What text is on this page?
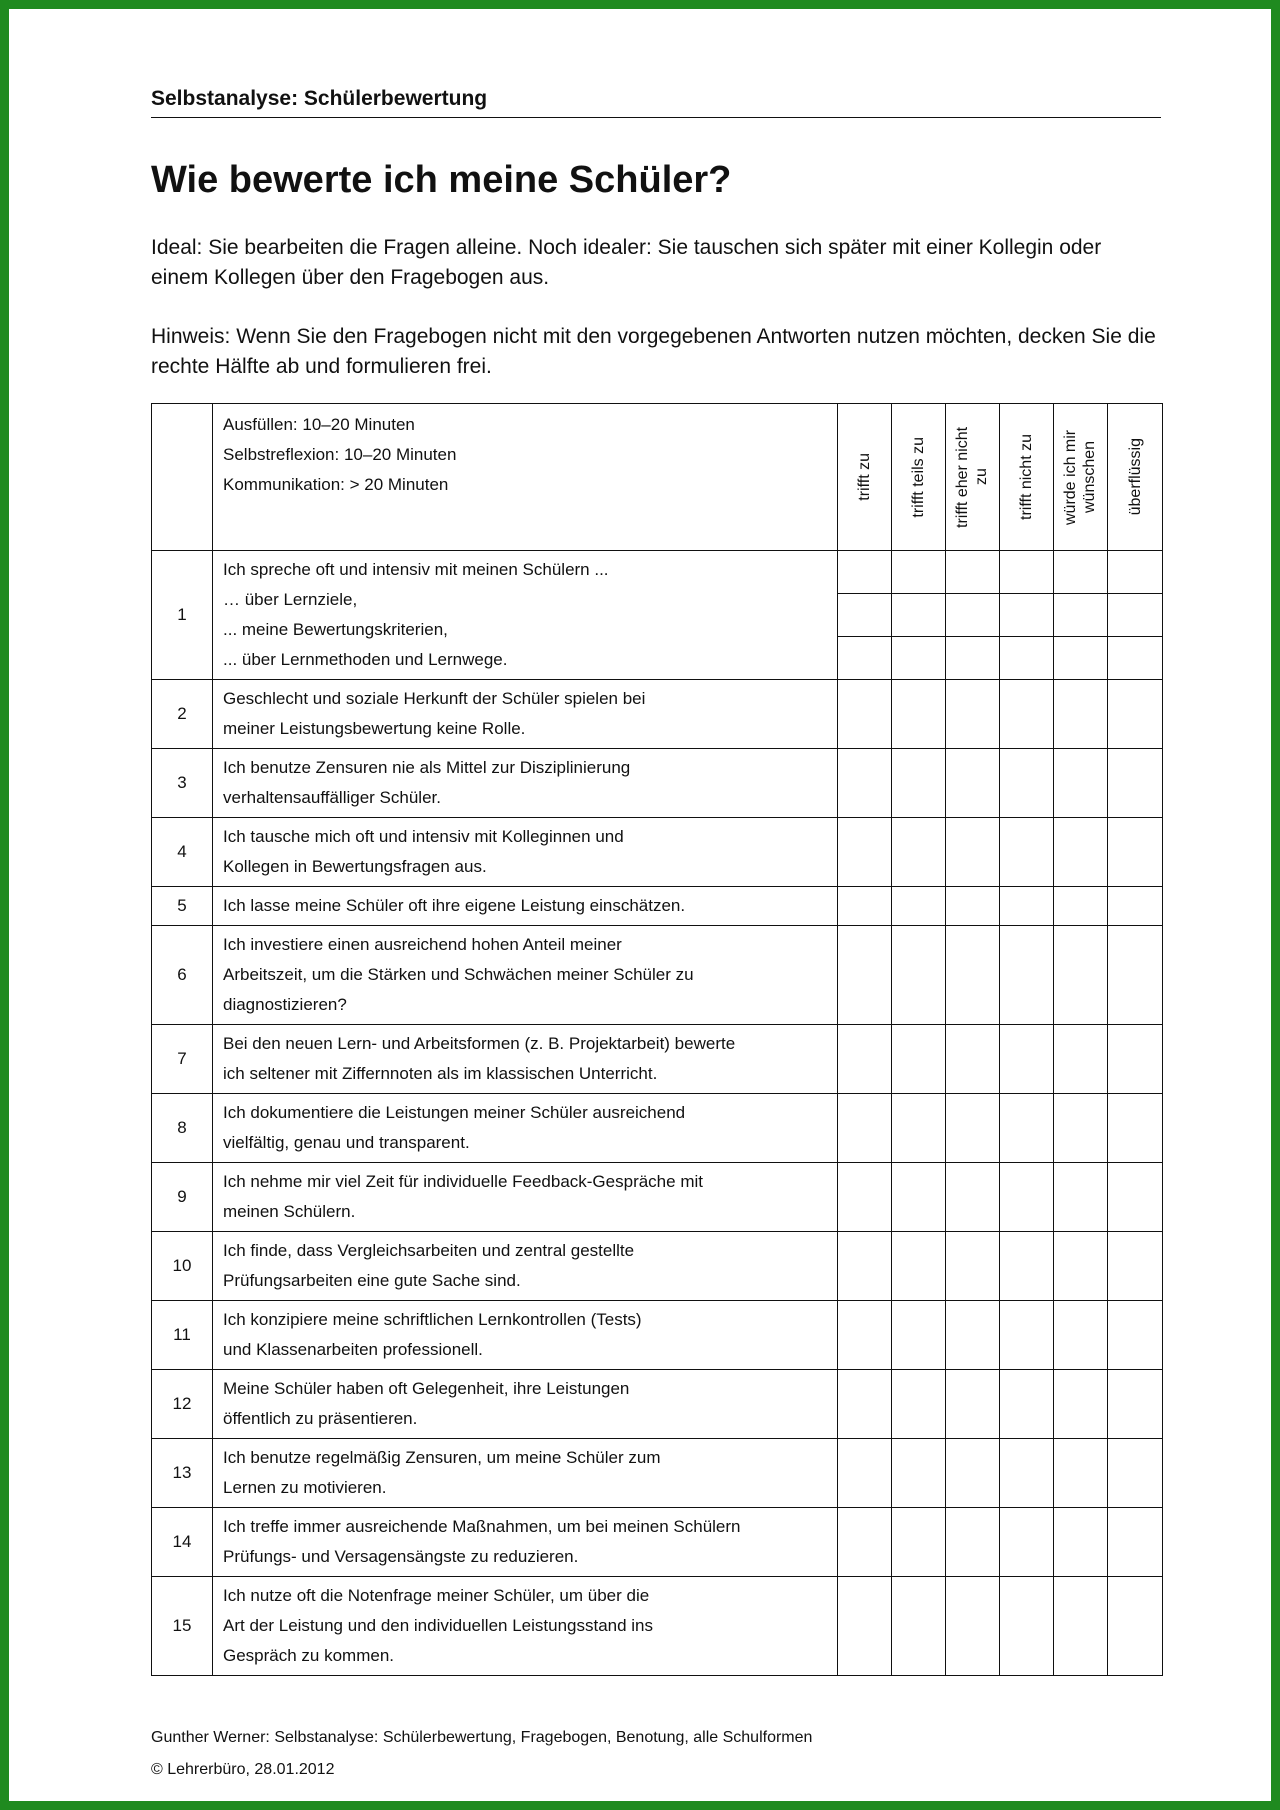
Selbstanalyse: Schülerbewertung
Wie bewerte ich meine Schüler?

Ideal: Sie bearbeiten die Fragen alleine. Noch idealer: Sie tauschen sich später mit einer Kollegin oder einem Kollegen über den Fragebogen aus.

Hinweis: Wenn Sie den Fragebogen nicht mit den vorgegebenen Antworten nutzen möchten, decken Sie die rechte Hälfte ab und formulieren frei.

	Ausfüllen: 10–20 Minuten
Selbstreflexion: 10–20 Minuten
Kommunikation: > 20 Minuten	trifft zu	trifft teils zu	trifft eher nicht zu	trifft nicht zu	würde ich mir wünschen	überflüssig

1	Ich spreche oft und intensiv mit meinen Schülern ...
… über Lernziele,
... meine Bewertungskriterien,
... über Lernmethoden und Lernwege.						

2	Geschlecht und soziale Herkunft der Schüler spielen bei
meiner Leistungsbewertung keine Rolle.						

3	Ich benutze Zensuren nie als Mittel zur Disziplinierung
verhaltensauffälliger Schüler.						

4	Ich tausche mich oft und intensiv mit Kolleginnen und
Kollegen in Bewertungsfragen aus.						

5	Ich lasse meine Schüler oft ihre eigene Leistung einschätzen.						

6	Ich investiere einen ausreichend hohen Anteil meiner
Arbeitszeit, um die Stärken und Schwächen meiner Schüler zu
diagnostizieren?						

7	Bei den neuen Lern- und Arbeitsformen (z. B. Projektarbeit) bewerte
ich seltener mit Ziffernnoten als im klassischen Unterricht.						

8	Ich dokumentiere die Leistungen meiner Schüler ausreichend
vielfältig, genau und transparent.						

9	Ich nehme mir viel Zeit für individuelle Feedback-Gespräche mit
meinen Schülern.						

10	Ich finde, dass Vergleichsarbeiten und zentral gestellte
Prüfungsarbeiten eine gute Sache sind.						

11	Ich konzipiere meine schriftlichen Lernkontrollen (Tests)
und Klassenarbeiten professionell.						

12	Meine Schüler haben oft Gelegenheit, ihre Leistungen
öffentlich zu präsentieren.						

13	Ich benutze regelmäßig Zensuren, um meine Schüler zum
Lernen zu motivieren.						

14	Ich treffe immer ausreichende Maßnahmen, um bei meinen Schülern
Prüfungs- und Versagensängste zu reduzieren.						

15	Ich nutze oft die Notenfrage meiner Schüler, um über die
Art der Leistung und den individuellen Leistungsstand ins
Gespräch zu kommen.						

Gunther Werner: Selbstanalyse: Schülerbewertung, Fragebogen, Benotung, alle Schulformen
© Lehrerbüro, 28.01.2012
